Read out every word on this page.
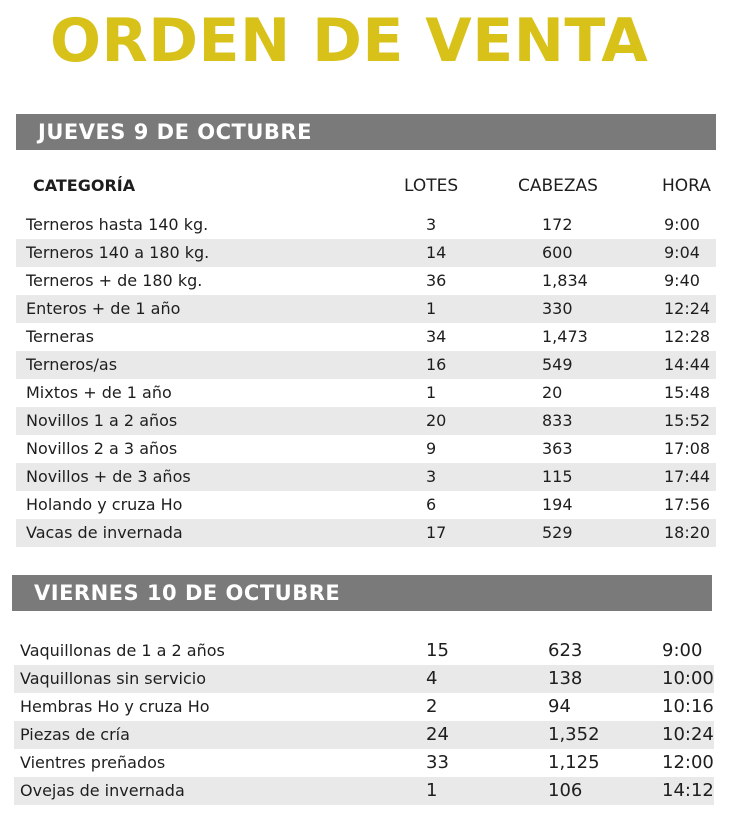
ORDEN DE VENTA
JUEVES 9 DE OCTUBRE
CATEGORÍA	LOTES	CABEZAS	HORA
Terneros hasta 140 kg.	3	172	9:00
Terneros 140 a 180 kg.	14	600	9:04
Terneros + de 180 kg.	36	1,834	9:40
Enteros + de 1 año	1	330	12:24
Terneras	34	1,473	12:28
Terneros/as	16	549	14:44
Mixtos + de 1 año	1	20	15:48
Novillos 1 a 2 años	20	833	15:52
Novillos 2 a 3 años	9	363	17:08
Novillos + de 3 años	3	115	17:44
Holando y cruza Ho	6	194	17:56
Vacas de invernada	17	529	18:20
VIERNES 10 DE OCTUBRE
Vaquillonas de 1 a 2 años	15	623	9:00
Vaquillonas sin servicio	4	138	10:00
Hembras Ho y cruza Ho	2	94	10:16
Piezas de cría	24	1,352	10:24
Vientres preñados	33	1,125	12:00
Ovejas de invernada	1	106	14:12
